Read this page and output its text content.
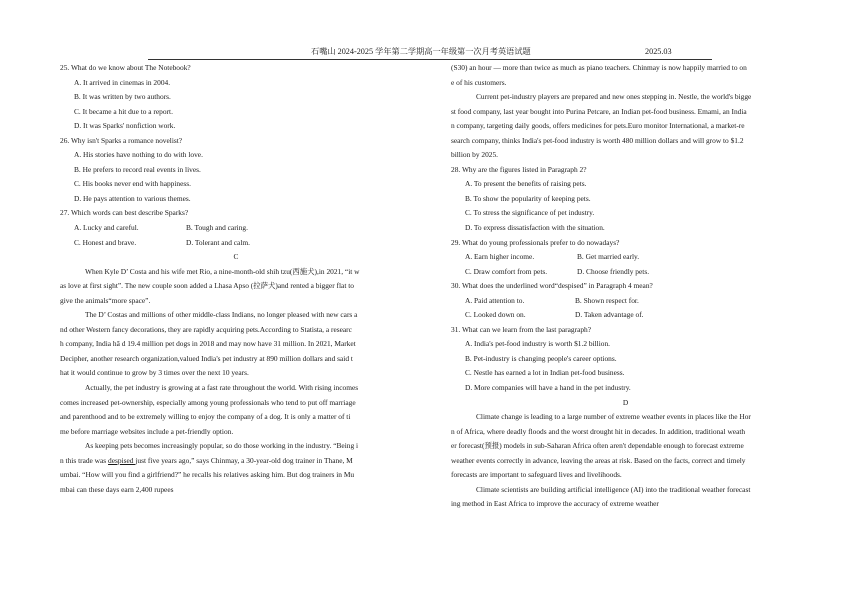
石嘴山 2024-2025 学年第二学期高一年级第一次月考英语试题	2025.03
25. What do we know about The Notebook?
A. It arrived in cinemas in 2004.
B. It was written by two authors.
C. It became a hit due to a report.
D. It was Sparks' nonfiction work.
26. Why isn't Sparks a romance novelist?
A. His stories have nothing to do with love.
B. He prefers to record real events in lives.
C. His books never end with happiness.
D. He pays attention to various themes.
27. Which words can best describe Sparks?
A. Lucky and careful.	B. Tough and caring.
C. Honest and brave.	D. Tolerant and calm.
C
When Kyle D’ Costa and his wife met Rio, a nine-month-old shih tzu(西施犬),in 2021, “it w
as love at first sight”. The new couple soon added a Lhasa Apso (拉萨犬)and rented a bigger flat to
give the animals“more space”.
The D’ Costas and millions of other middle-class Indians, no longer pleased with new cars a
nd other Western fancy decorations, they are rapidly acquiring pets.According to Statista, a researc
h company, India hā d 19.4 million pet dogs in 2018 and may now have 31 million. In 2021, Market
Decipher, another research organization,valued India's pet industry at 890 million dollars and said t
hat it would continue to grow by 3 times over the next 10 years.
Actually, the pet industry is growing at a fast rate throughout the world. With rising incomes
comes increased pet-ownership, especially among young professionals who tend to put off marriage
and parenthood and to be extremely willing to enjoy the company of a dog. It is only a matter of ti
me before marriage websites include a pet-friendly option.
As keeping pets becomes increasingly popular, so do those working in the industry. “Being i
n this trade was despised just five years ago,” says Chinmay, a 30-year-old dog trainer in Thane, M
umbai. “How will you find a girlfriend?” he recalls his relatives asking him. But dog trainers in Mu
mbai can these days earn 2,400 rupees
(S30) an hour — more than twice as much as piano teachers. Chinmay is now happily married to on
e of his customers.
Current pet-industry players are prepared and new ones stepping in. Nestle, the world's bigge
st food company, last year bought into Purina Petcare, an Indian pet-food business. Emami, an India
n company, targeting daily goods, offers medicines for pets.Euro monitor International, a market-re
search company, thinks India's pet-food industry is worth 480 million dollars and will grow to $1.2
billion by 2025.
28. Why are the figures listed in Paragraph 2?
A. To present the benefits of raising pets.
B. To show the popularity of keeping pets.
C. To stress the significance of pet industry.
D. To express dissatisfaction with the situation.
29. What do young professionals prefer to do nowadays?
A. Earn higher income.	B. Get married early.
C. Draw comfort from pets.	D. Choose friendly pets.
30. What does the underlined word“despised” in Paragraph 4 mean?
A. Paid attention to.	B. Shown respect for.
C. Looked down on.	D. Taken advantage of.
31. What can we learn from the last paragraph?
A. India's pet-food industry is worth $1.2 billion.
B. Pet-industry is changing people's career options.
C. Nestle has earned a lot in Indian pet-food business.
D. More companies will have a hand in the pet industry.
D
Climate change is leading to a large number of extreme weather events in places like the Hor
n of Africa, where deadly floods and the worst drought hit in decades. In addition, traditional weath
er forecast(预报) models in sub-Saharan Africa often aren't dependable enough to forecast extreme
weather events correctly in advance, leaving the areas at risk. Based on the facts, correct and timely
forecasts are important to safeguard lives and livelihoods.
Climate scientists are building artificial intelligence (AI) into the traditional weather forecast
ing method in East Africa to improve the accuracy of extreme weather
